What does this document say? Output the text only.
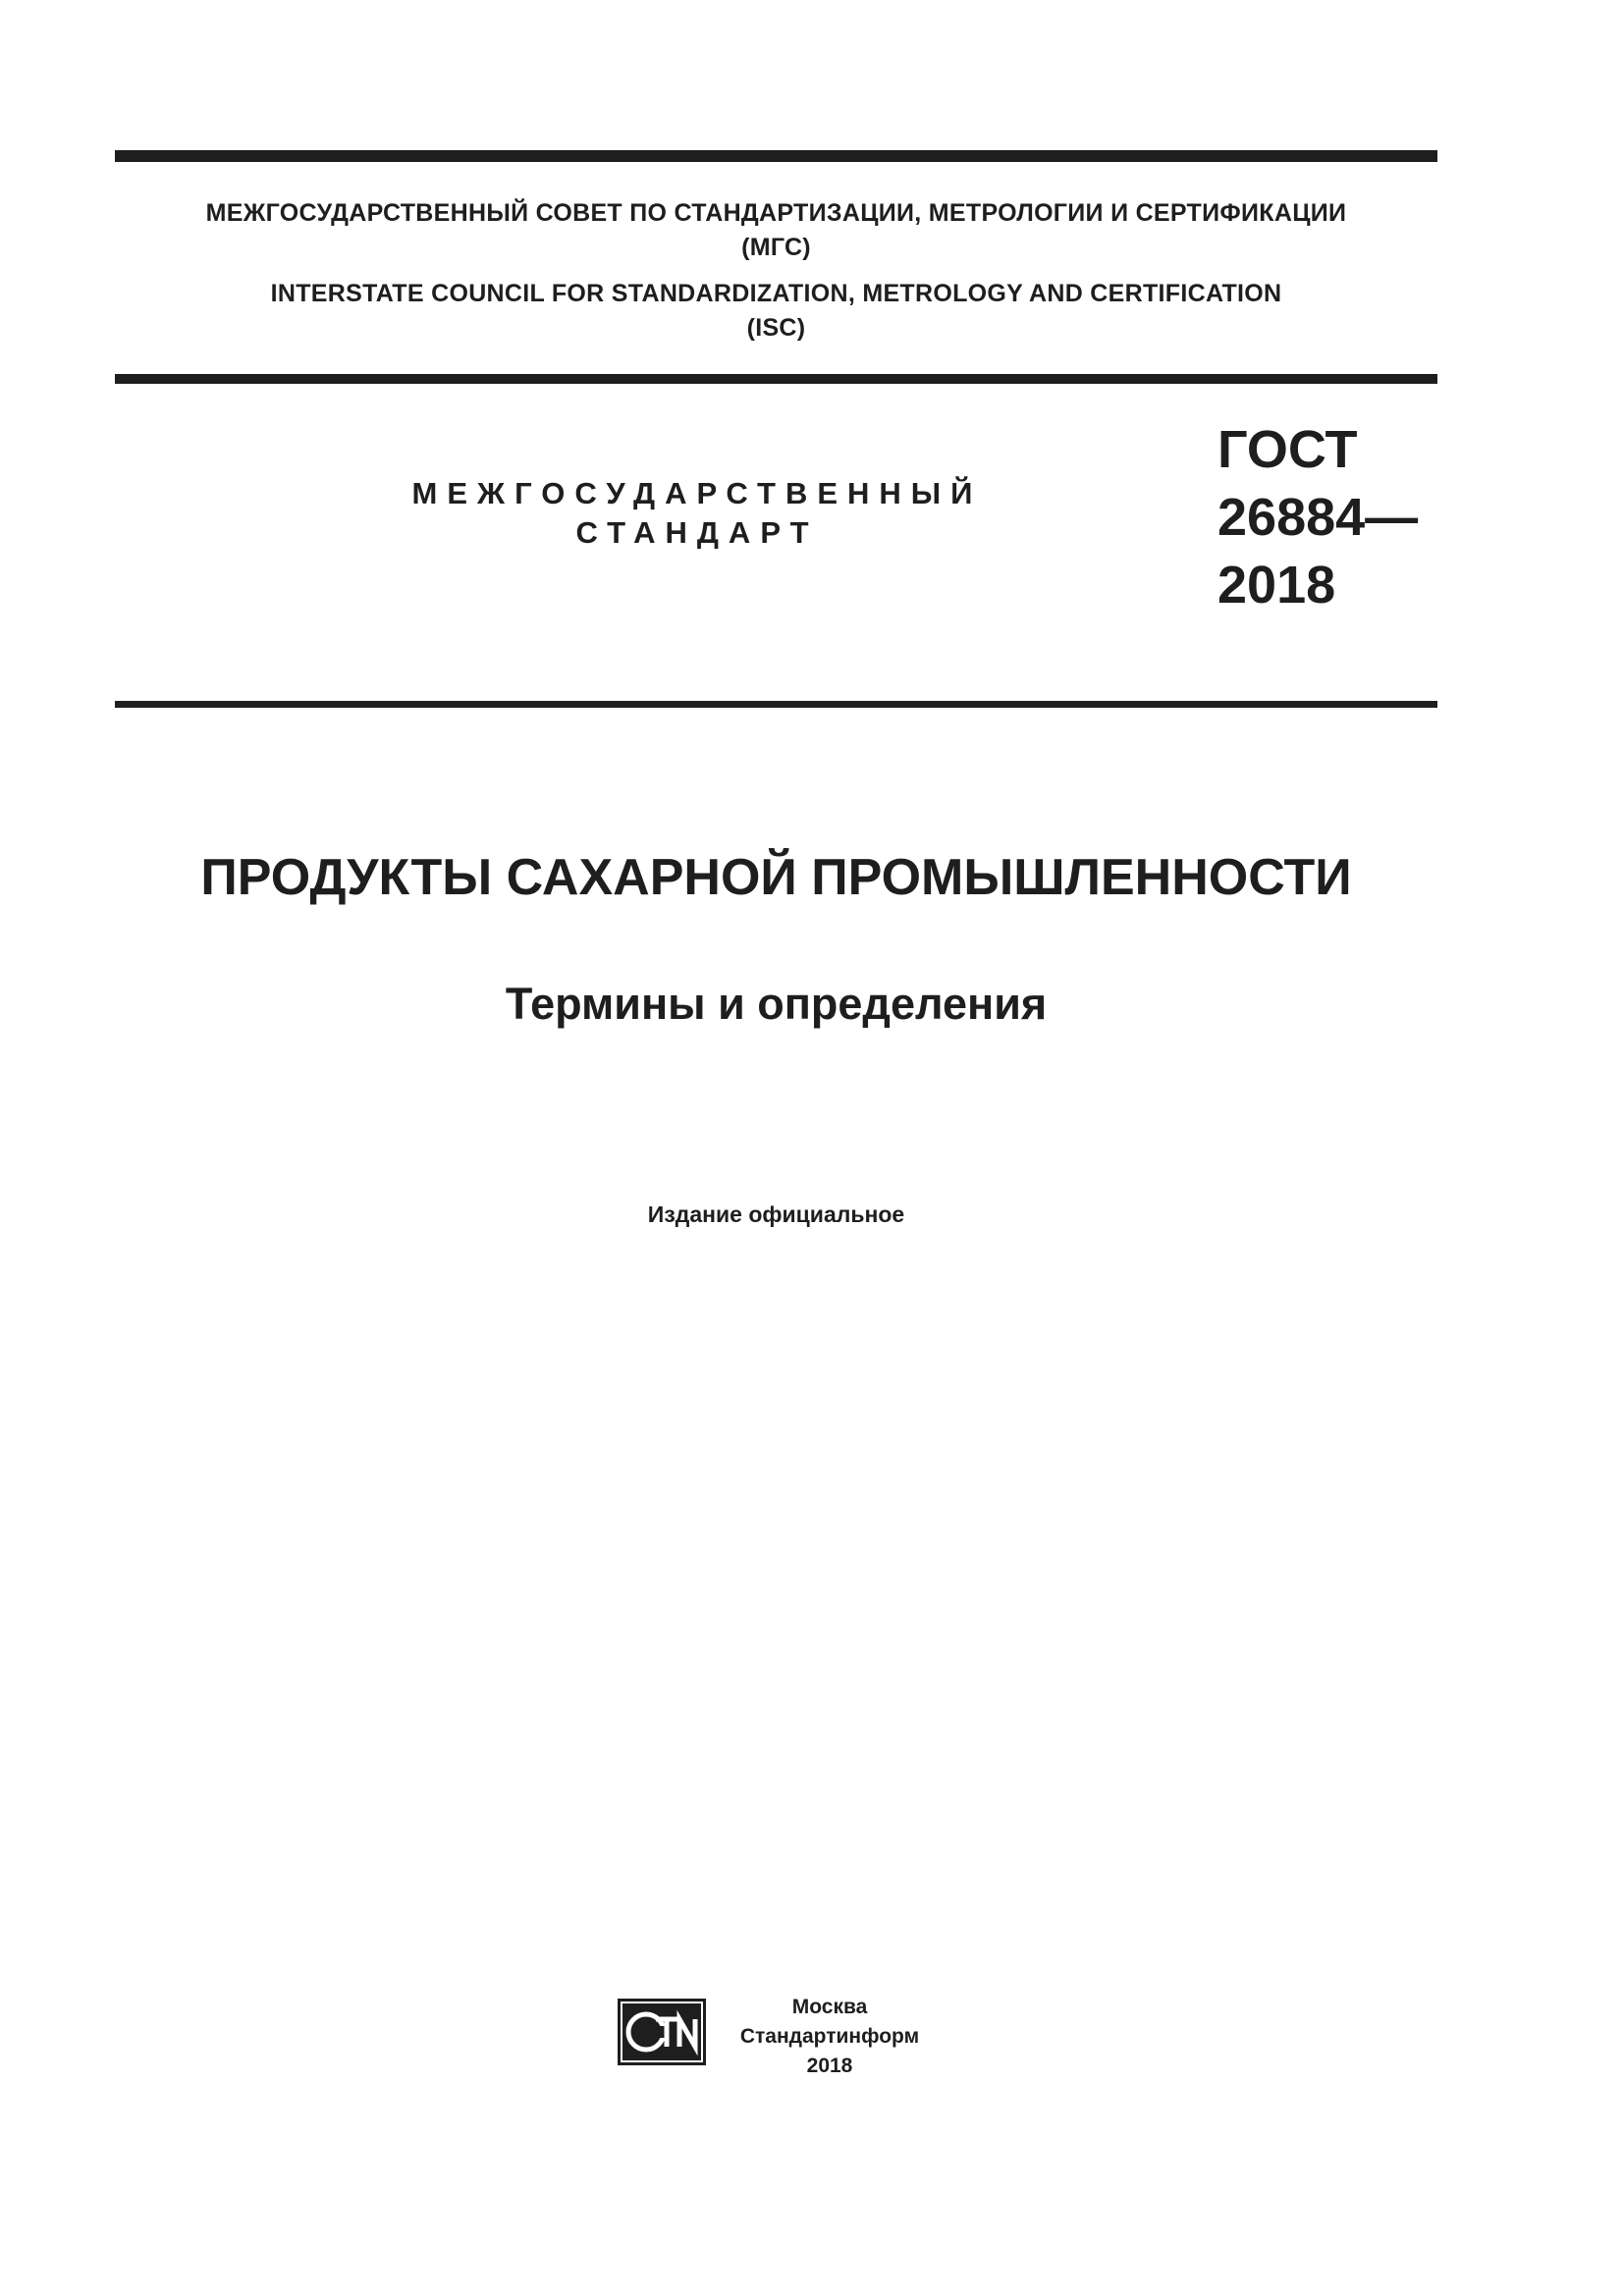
МЕЖГОСУДАРСТВЕННЫЙ СОВЕТ ПО СТАНДАРТИЗАЦИИ, МЕТРОЛОГИИ И СЕРТИФИКАЦИИ
(МГС)
INTERSTATE COUNCIL FOR STANDARDIZATION, METROLOGY AND CERTIFICATION
(ISC)
МЕЖГОСУДАРСТВЕННЫЙ
СТАНДАРТ
ГОСТ
26884—
2018
ПРОДУКТЫ САХАРНОЙ ПРОМЫШЛЕННОСТИ
Термины и определения
Издание официальное
Москва
Стандартинформ
2018
